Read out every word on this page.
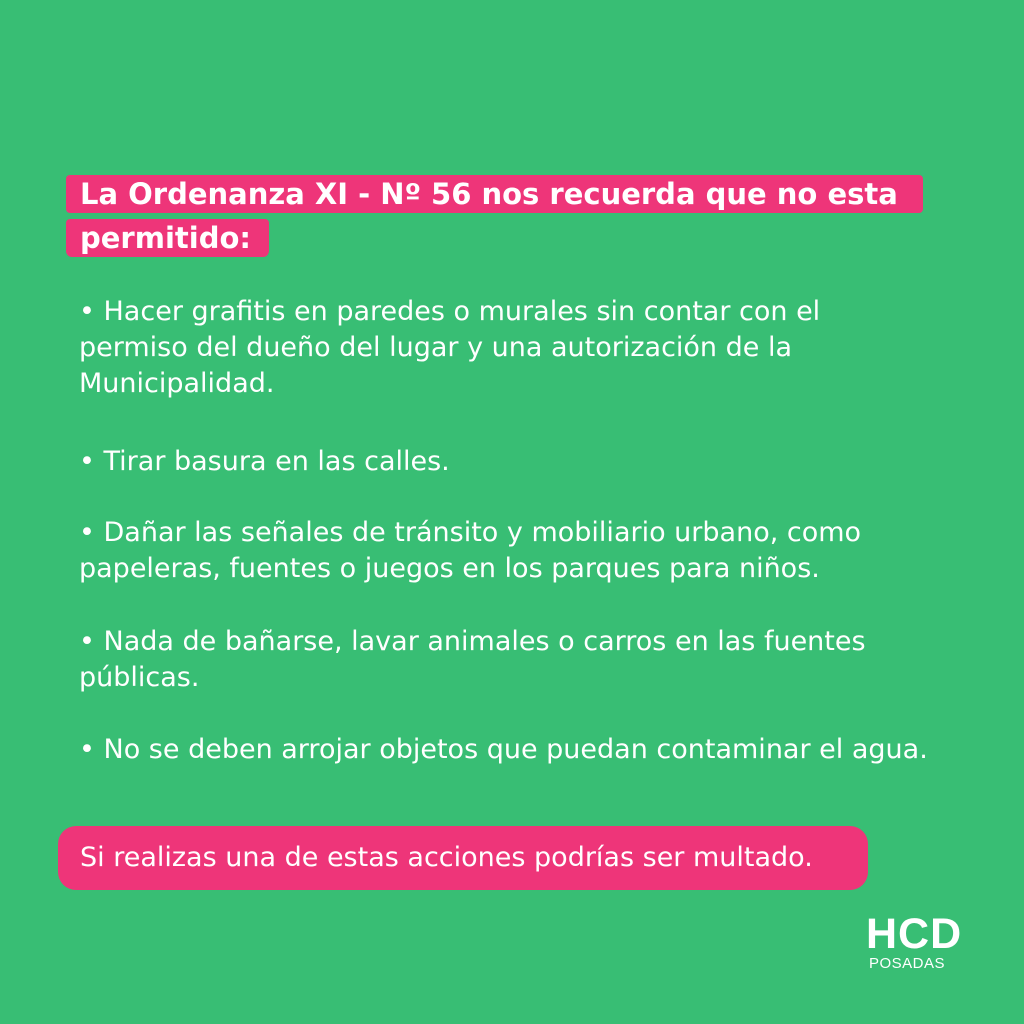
La Ordenanza XI - Nº 56 nos recuerda que no esta
permitido:
• Hacer grafitis en paredes o murales sin contar con el
permiso del dueño del lugar y una autorización de la
Municipalidad.
• Tirar basura en las calles.
• Dañar las señales de tránsito y mobiliario urbano, como
papeleras, fuentes o juegos en los parques para niños.
• Nada de bañarse, lavar animales o carros en las fuentes
públicas.
• No se deben arrojar objetos que puedan contaminar el agua.
Si realizas una de estas acciones podrías ser multado.
HCD
POSADAS
